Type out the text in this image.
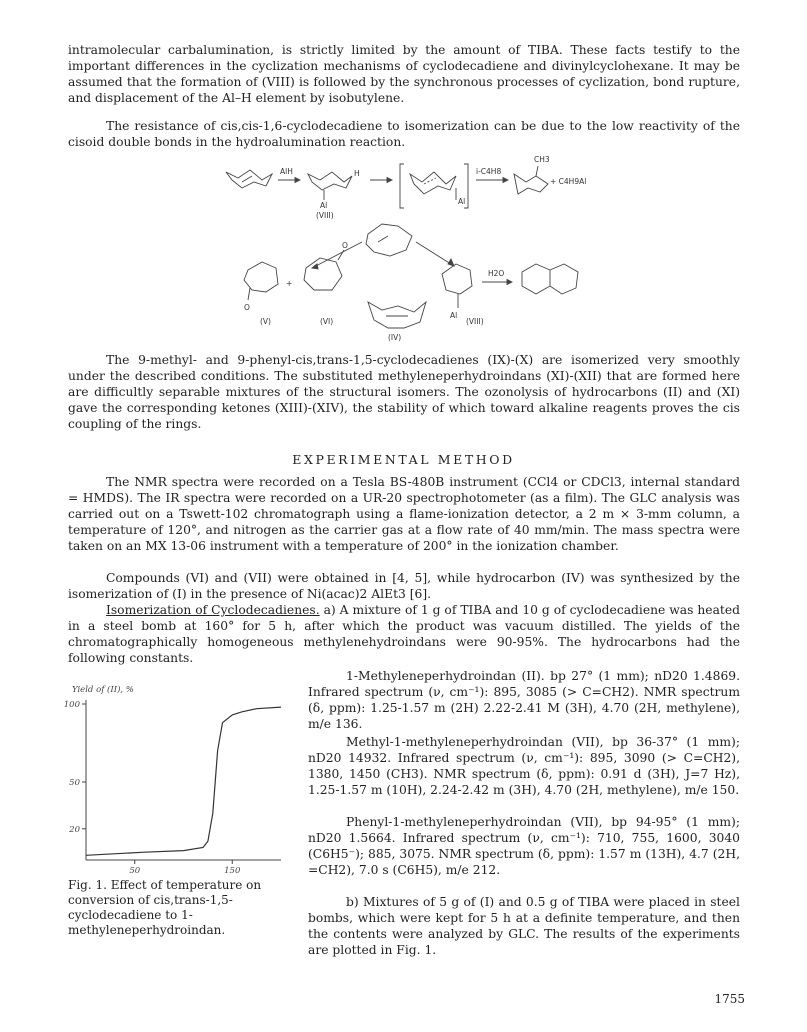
intramolecular carbalumination, is strictly limited by the amount of TIBA. These facts testify to the important differences in the cyclization mechanisms of cyclodecadiene and divinylcyclohexane. It may be assumed that the formation of (VIII) is followed by the synchronous processes of cyclization, bond rupture, and displacement of the Al–H element by isobutylene.

The resistance of cis,cis-1,6-cyclodecadiene to isomerization can be due to the low reactivity of the cisoid double bonds in the hydroalumination reaction.

AlH	H
Al
(VIII)
i-C4H8
CH3
+ C4H9Al
Al
H2O
+
O
O
(V)	(VI)
(IV)
Al
(VIII)

The 9-methyl- and 9-phenyl-cis,trans-1,5-cyclodecadienes (IX)-(X) are isomerized very smoothly under the described conditions. The substituted methyleneperhydroindans (XI)-(XII) that are formed here are difficultly separable mixtures of the structural isomers. The ozonolysis of hydrocarbons (II) and (XI) gave the corresponding ketones (XIII)-(XIV), the stability of which toward alkaline reagents proves the cis coupling of the rings.

EXPERIMENTAL METHOD

The NMR spectra were recorded on a Tesla BS-480B instrument (CCl4 or CDCl3, internal standard = HMDS). The IR spectra were recorded on a UR-20 spectrophotometer (as a film). The GLC analysis was carried out on a Tswett-102 chromatograph using a flame-ionization detector, a 2 m × 3-mm column, a temperature of 120°, and nitrogen as the carrier gas at a flow rate of 40 mm/min. The mass spectra were taken on an MX 13-06 instrument with a temperature of 200° in the ionization chamber.

Compounds (VI) and (VII) were obtained in [4, 5], while hydrocarbon (IV) was synthesized by the isomerization of (I) in the presence of Ni(acac)2 AlEt3 [6].

Isomerization of Cyclodecadienes. a) A mixture of 1 g of TIBA and 10 g of cyclodecadiene was heated in a steel bomb at 160° for 5 h, after which the product was vacuum distilled. The yields of the chromatographically homogeneous methylenehydroindans were 90-95%. The hydrocarbons had the following constants.

1-Methyleneperhydroindan (II). bp 27° (1 mm); nD20 1.4869. Infrared spectrum (ν, cm⁻¹): 895, 3085 (> C=CH2). NMR spectrum (δ, ppm): 1.25-1.57 m (2H) 2.22-2.41 M (3H), 4.70 (2H, methylene), m/e 136.

Methyl-1-methyleneperhydroindan (VII), bp 36-37° (1 mm); nD20 14932. Infrared spectrum (ν, cm⁻¹): 895, 3090 (> C=CH2), 1380, 1450 (CH3). NMR spectrum (δ, ppm): 0.91 d (3H), J=7 Hz), 1.25-1.57 m (10H), 2.24-2.42 m (3H), 4.70 (2H, methylene), m/e 150.

Phenyl-1-methyleneperhydroindan (VII), bp 94-95° (1 mm); nD20 1.5664. Infrared spectrum (ν, cm⁻¹): 710, 755, 1600, 3040 (C6H5⁻); 885, 3075. NMR spectrum (δ, ppm): 1.57 m (13H), 4.7 (2H, =CH2), 7.0 s (C6H5), m/e 212.

b) Mixtures of 5 g of (I) and 0.5 g of TIBA were placed in steel bombs, which were kept for 5 h at a definite temperature, and then the contents were analyzed by GLC. The results of the experiments are plotted in Fig. 1.

Yield of (II), %
100
50
20
50	150

Fig. 1. Effect of temperature on conversion of cis,trans-1,5-cyclodecadiene to 1-methyleneperhydroindan.

1755
